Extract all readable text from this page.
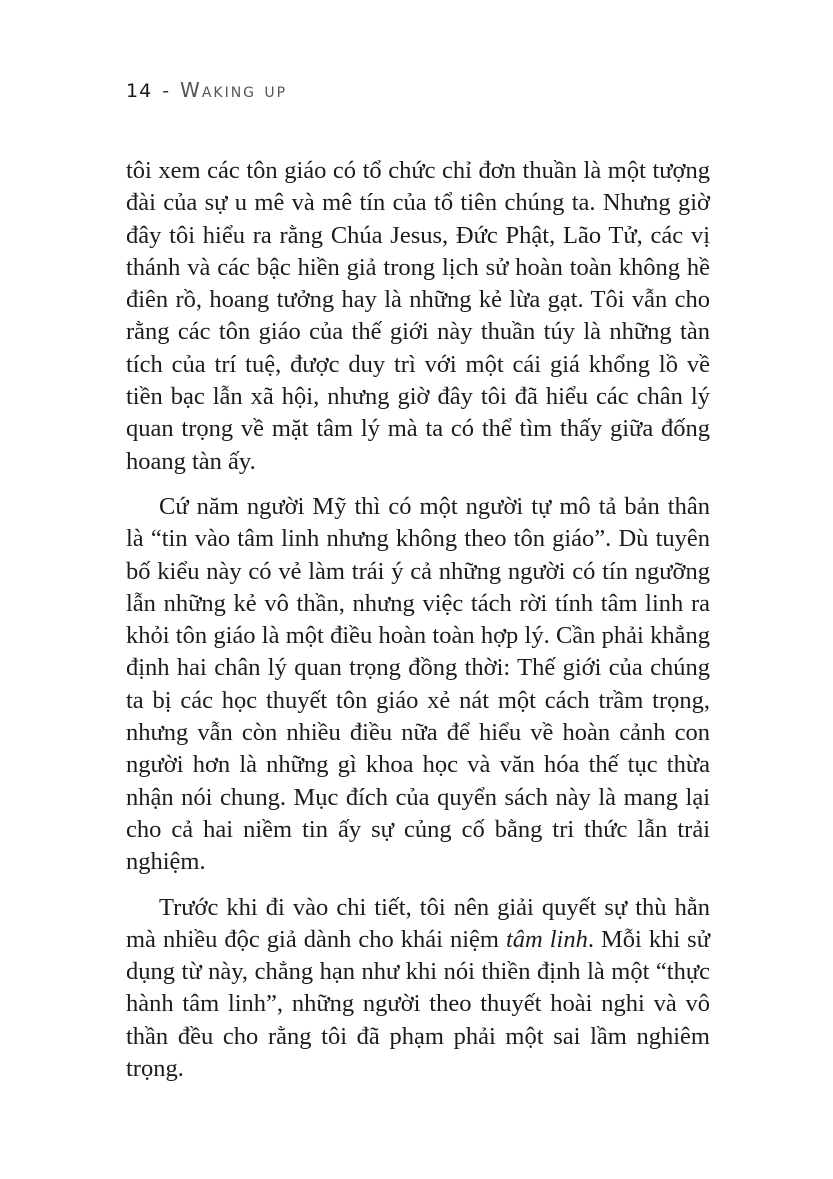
14 - Waking up

tôi xem các tôn giáo có tổ chức chỉ đơn thuần là một tượng đài của sự u mê và mê tín của tổ tiên chúng ta. Nhưng giờ đây tôi hiểu ra rằng Chúa Jesus, Đức Phật, Lão Tử, các vị thánh và các bậc hiền giả trong lịch sử hoàn toàn không hề điên rồ, hoang tưởng hay là những kẻ lừa gạt. Tôi vẫn cho rằng các tôn giáo của thế giới này thuần túy là những tàn tích của trí tuệ, được duy trì với một cái giá khổng lồ về tiền bạc lẫn xã hội, nhưng giờ đây tôi đã hiểu các chân lý quan trọng về mặt tâm lý mà ta có thể tìm thấy giữa đống hoang tàn ấy.

Cứ năm người Mỹ thì có một người tự mô tả bản thân là “tin vào tâm linh nhưng không theo tôn giáo”. Dù tuyên bố kiểu này có vẻ làm trái ý cả những người có tín ngưỡng lẫn những kẻ vô thần, nhưng việc tách rời tính tâm linh ra khỏi tôn giáo là một điều hoàn toàn hợp lý. Cần phải khẳng định hai chân lý quan trọng đồng thời: Thế giới của chúng ta bị các học thuyết tôn giáo xẻ nát một cách trầm trọng, nhưng vẫn còn nhiều điều nữa để hiểu về hoàn cảnh con người hơn là những gì khoa học và văn hóa thế tục thừa nhận nói chung. Mục đích của quyển sách này là mang lại cho cả hai niềm tin ấy sự củng cố bằng tri thức lẫn trải nghiệm.

Trước khi đi vào chi tiết, tôi nên giải quyết sự thù hằn mà nhiều độc giả dành cho khái niệm tâm linh. Mỗi khi sử dụng từ này, chẳng hạn như khi nói thiền định là một “thực hành tâm linh”, những người theo thuyết hoài nghi và vô thần đều cho rằng tôi đã phạm phải một sai lầm nghiêm trọng.
